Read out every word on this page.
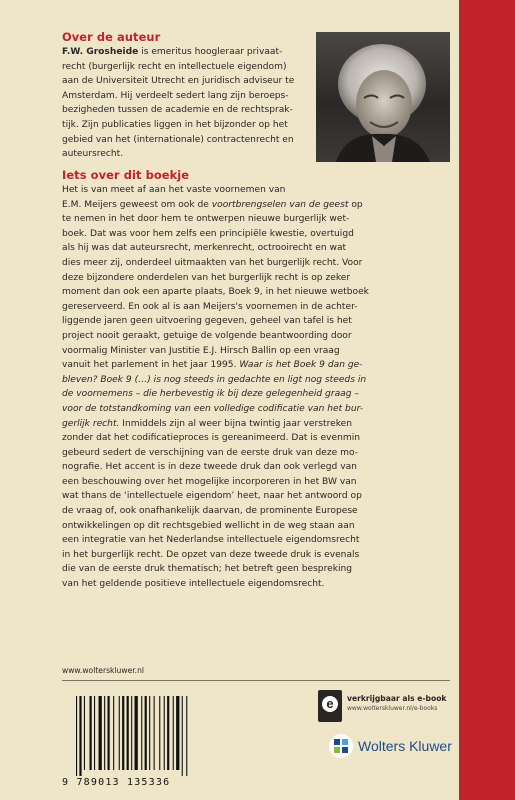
Over de auteur
F.W. Grosheide is emeritus hoogleraar privaat-
recht (burgerlijk recht en intellectuele eigendom)
aan de Universiteit Utrecht en juridisch adviseur te
Amsterdam. Hij verdeelt sedert lang zijn beroeps-
bezigheden tussen de academie en de rechtsprak-
tijk. Zijn publicaties liggen in het bijzonder op het
gebied van het (internationale) contractenrecht en
auteursrecht.
Iets over dit boekje

Het is van meet af aan het vaste voornemen van

E.M. Meijers geweest om ook de voortbrengselen van de geest op

te nemen in het door hem te ontwerpen nieuwe burgerlijk wet-

boek. Dat was voor hem zelfs een principiële kwestie, overtuigd

als hij was dat auteursrecht, merkenrecht, octrooirecht en wat

dies meer zij, onderdeel uitmaakten van het burgerlijk recht. Voor

deze bijzondere onderdelen van het burgerlijk recht is op zeker

moment dan ook een aparte plaats, Boek 9, in het nieuwe wetboek

gereserveerd. En ook al is aan Meijers's voornemen in de achter-

liggende jaren geen uitvoering gegeven, geheel van tafel is het

project nooit geraakt, getuige de volgende beantwoording door

voormalig Minister van Justitie E.J. Hirsch Ballin op een vraag

vanuit het parlement in het jaar 1995. Waar is het Boek 9 dan ge-

bleven? Boek 9 (…) is nog steeds in gedachte en ligt nog steeds in

de voornemens – die herbevestig ik bij deze gelegenheid graag –

voor de totstandkoming van een volledige codificatie van het bur-

gerlijk recht. Inmiddels zijn al weer bijna twintig jaar verstreken

zonder dat het codificatieproces is gereanimeerd. Dat is evenmin

gebeurd sedert de verschijning van de eerste druk van deze mo-

nografie. Het accent is in deze tweede druk dan ook verlegd van

een beschouwing over het mogelijke incorporeren in het BW van

wat thans de ‘intellectuele eigendom’ heet, naar het antwoord op

de vraag of, ook onafhankelijk daarvan, de prominente Europese

ontwikkelingen op dit rechtsgebied wellicht in de weg staan aan

een integratie van het Nederlandse intellectuele eigendomsrecht

in het burgerlijk recht. De opzet van deze tweede druk is evenals

die van de eerste druk thematisch; het betreft geen bespreking

van het geldende positieve intellectuele eigendomsrecht.

www.wolterskluwer.nl
9 789013 135336
e	verkrijgbaar als e-book
www.wolterskluwer.nl/e-books
Wolters Kluwer
